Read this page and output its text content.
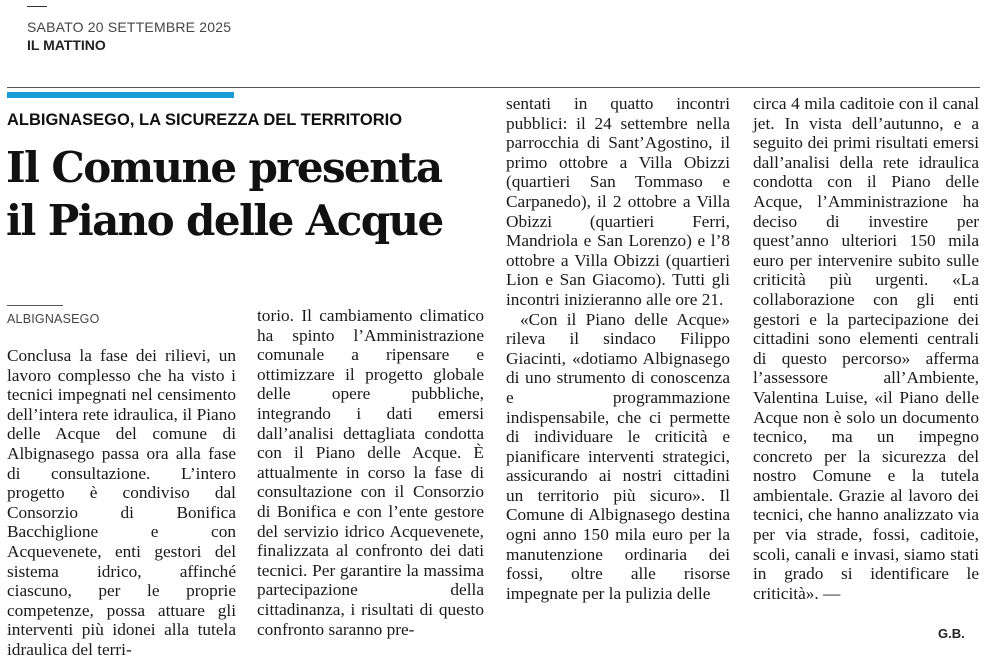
SABATO 20 SETTEMBRE 2025
IL MATTINO
ALBIGNASEGO, LA SICUREZZA DEL TERRITORIO
Il Comune presenta
il Piano delle Acque
ALBIGNASEGO

Conclusa la fase dei rilievi, un lavoro complesso che ha visto i tecnici impegnati nel censimento dell’intera rete idraulica, il Piano delle Acque del comune di Albignasego passa ora alla fase di consultazione. L’intero progetto è condiviso dal Consorzio di Bonifica Bacchiglione e con Acquevenete, enti gestori del sistema idrico, affinché ciascuno, per le proprie competenze, possa attuare gli interventi più idonei alla tutela idraulica del terri-

torio. Il cambiamento climatico ha spinto l’Amministrazione comunale a ripensare e ottimizzare il progetto globale delle opere pubbliche, integrando i dati emersi dall’analisi dettagliata condotta con il Piano delle Acque. È attualmente in corso la fase di consultazione con il Consorzio di Bonifica e con l’ente gestore del servizio idrico Acquevenete, finalizzata al confronto dei dati tecnici. Per garantire la massima partecipazione della cittadinanza, i risultati di questo confronto saranno pre-

sentati in quatto incontri pubblici: il 24 settembre nella parrocchia di Sant’Agostino, il primo ottobre a Villa Obizzi (quartieri San Tommaso e Carpanedo), il 2 ottobre a Villa Obizzi (quartieri Ferri, Mandriola e San Lorenzo) e l’8 ottobre a Villa Obizzi (quartieri Lion e San Giacomo). Tutti gli incontri inizieranno alle ore 21.

«Con il Piano delle Acque» rileva il sindaco Filippo Giacinti, «dotiamo Albignasego di uno strumento di conoscenza e programmazione indispensabile, che ci permette di individuare le criticità e pianificare interventi strategici, assicurando ai nostri cittadini un territorio più sicuro». Il Comune di Albignasego destina ogni anno 150 mila euro per la manutenzione ordinaria dei fossi, oltre alle risorse impegnate per la pulizia delle

circa 4 mila caditoie con il canal jet. In vista dell’autunno, e a seguito dei primi risultati emersi dall’analisi della rete idraulica condotta con il Piano delle Acque, l’Amministrazione ha deciso di investire per quest’anno ulteriori 150 mila euro per intervenire subito sulle criticità più urgenti. «La collaborazione con gli enti gestori e la partecipazione dei cittadini sono elementi centrali di questo percorso» afferma l’assessore all’Ambiente, Valentina Luise, «il Piano delle Acque non è solo un documento tecnico, ma un impegno concreto per la sicurezza del nostro Comune e la tutela ambientale. Grazie al lavoro dei tecnici, che hanno analizzato via per via strade, fossi, caditoie, scoli, canali e invasi, siamo stati in grado si identificare le criticità». —

G.B.
